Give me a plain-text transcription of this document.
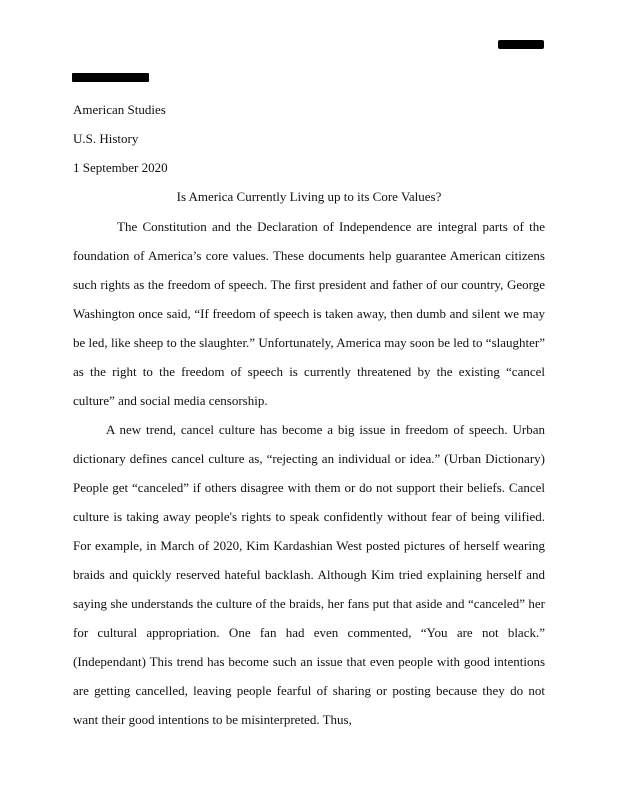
American Studies
U.S. History
1 September 2020
Is America Currently Living up to its Core Values?

The Constitution and the Declaration of Independence are integral parts of the foundation of America’s core values. These documents help guarantee American citizens such rights as the freedom of speech. The first president and father of our country, George Washington once said, “If freedom of speech is taken away, then dumb and silent we may be led, like sheep to the slaughter.” Unfortunately, America may soon be led to “slaughter” as the right to the freedom of speech is currently threatened by the existing “cancel culture” and social media censorship.

A new trend, cancel culture has become a big issue in freedom of speech. Urban dictionary defines cancel culture as, “rejecting an individual or idea.” (Urban Dictionary) People get “canceled” if others disagree with them or do not support their beliefs. Cancel culture is taking away people's rights to speak confidently without fear of being vilified. For example, in March of 2020, Kim Kardashian West posted pictures of herself wearing braids and quickly reserved hateful backlash. Although Kim tried explaining herself and saying she understands the culture of the braids, her fans put that aside and “canceled” her for cultural appropriation. One fan had even commented, “You are not black.” (Independant) This trend has become such an issue that even people with good intentions are getting cancelled, leaving people fearful of sharing or posting because they do not want their good intentions to be misinterpreted. Thus,
